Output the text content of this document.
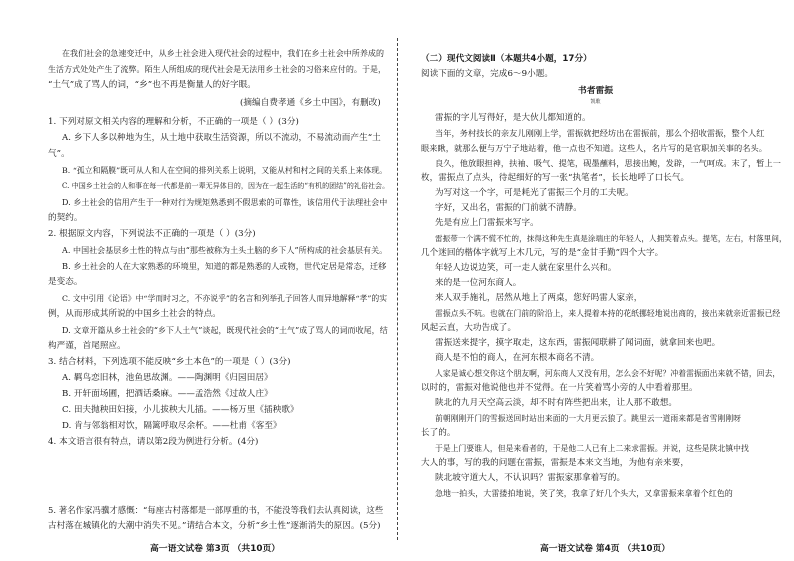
在我们社会的急速变迁中，从乡土社会进入现代社会的过程中，我们在乡土社会中所养成的
生活方式处处产生了流弊。陌生人所组成的现代社会是无法用乡土社会的习俗来应付的。于是，
“土气”成了骂人的词，“乡”也不再是衡量人的好字眼。
(摘编自费孝通《乡土中国》，有删改)
1. 下列对原文相关内容的理解和分析，不正确的一项是（ ）(3分)
A. 乡下人多以种地为生，从土地中获取生活资源，所以不流动，不易流动而产生“土
气”。
B. “孤立和隔膜”既可从人和人在空间的排列关系上说明，又能从村和村之间的关系上来体现。
C. 中国乡土社会的人和事在每一代都是前一辈无异体目的，因为在一起生活的“有机的团结”的礼俗社会。
D. 乡土社会的信用产生于一种对行为规矩熟悉到不假思索的可靠性，该信用代于法理社会中
的契约。
2. 根据原文内容，下列说法不正确的一项是（ ）(3分)
A. 中国社会基层乡土性的特点与由“那些被称为土头土脑的乡下人”所构成的社会基层有关。
B. 乡土社会的人在大家熟悉的环境里，知道的都是熟悉的人或物，世代定居是常态，迁移
是变态。
C. 文中引用《论语》中“学而时习之，不亦说乎”的名言和列举孔子回答人而异地解释“孝”的实
例，从而形成其所说的中国乡土社会的特点。
D. 文章开篇从乡土社会的“乡下人土气”谈起，既现代社会的“土气”成了骂人的词而收尾，结
构严谨，首尾照应。
3. 结合材料，下列选项不能反映“乡土本色”的一项是（ ）(3分)
A. 羁鸟恋旧林，池鱼思故渊。——陶渊明《归园田居》
B. 开轩面场圃，把酒话桑麻。——孟浩然《过故人庄》
C. 田夫抛秧田妇接，小儿拔秧大儿插。——杨万里《插秧歌》
D. 肯与邻翁相对饮，隔篱呼取尽余杯。——杜甫《客至》
4. 本文语言很有特点，请以第2段为例进行分析。(4分)
5. 著名作家冯骥才感慨：“每座古村落都是一部厚重的书，不能没等我们去认真阅读，这些
古村落在城镇化的大潮中消失不见。”请结合本文，分析“乡土性”逐渐消失的原因。(5分)
高一语文试卷 第3页 （共10页）
（二）现代文阅读Ⅱ（本题共4小题，17分）
阅读下面的文章，完成6～9小题。
书者雷振
凯歌
雷振的字儿写得好，是大伙儿都知道的。
当年，务村技长的亲友儿刚刚上学，雷振就把经坊出在雷振前，那么个招收雷振，整个人红
眼来瞅，就那么便与万宁子地站着，他一点也不知道。这些人，名片写的是官职加关事的名头。
良久，他放眼担神，扶袖、吸气、提笔，砚墨蘸料，思接出鲍，发辟，一气呵成。末了，暂上一
枚，雷振点了点头，待起细好的写一张“执笔者”，长长地呼了口长气。
为写对这一个字，可是耗光了雷振三个月的工夫呢。
字好，又出名，雷振的门前就不清静。
先是有应上门雷振来写字。
雷振带一个满不慌不忙的，抹得这种先生真是涂端庄的年轻人，人拥笑着点头。提笔，左右，村落里间，
几个迷回的楷体字就写上木几元，写的是“金甘手勤”四个大字。
年轻人边说边笑，可一走人就在家里什么兴和。
来的是一位河东商人。
来人双手施礼，居然从地上了两桌，您好吗雷人家亲，
雷振点头不吭。也就在门前的阶沿上，来人提着本持的花纸挪轻地说出商的，接出来就亲近雷振已经
风起云直，大功告成了。
雷振送来提字，摸字取走，这东西，雷振闻联耕了闻词面，就拿回来也吧。
商人是不怕的商人，在河东根本商名不清。
人家是诚心想交你这个朋友啊，河东商人又没有用，怎么会不好呢？冲着雷振面出来就不错，回去，
以时的，雷振对他说他也并不觉得。在一片笑着骂小旁的人中看着那里。
陕北的九月天空高云淡，却不时有阵些把出来，让人那不敢想。
前朝刚刚开门的雪振送回时站出来面的一大月更云狼了。跳里云一道雨来都是省雪刚刚呀
长了的。
于是上门要谁人，但是来看者的，于是他二人已有上二来求雷振。并说，这些是陕北镇中找
大人的事，写的我的问题在雷振，雷振是本来文当地，为他有亲来要，
陕北坡守道大人，不认识吗？雷振家那拿着写的。
急地一拍头，大雷搂拍地说，笑了笑，我拿了好几个头大，又拿雷振来拿着个红色的
高一语文试卷 第4页 （共10页）
